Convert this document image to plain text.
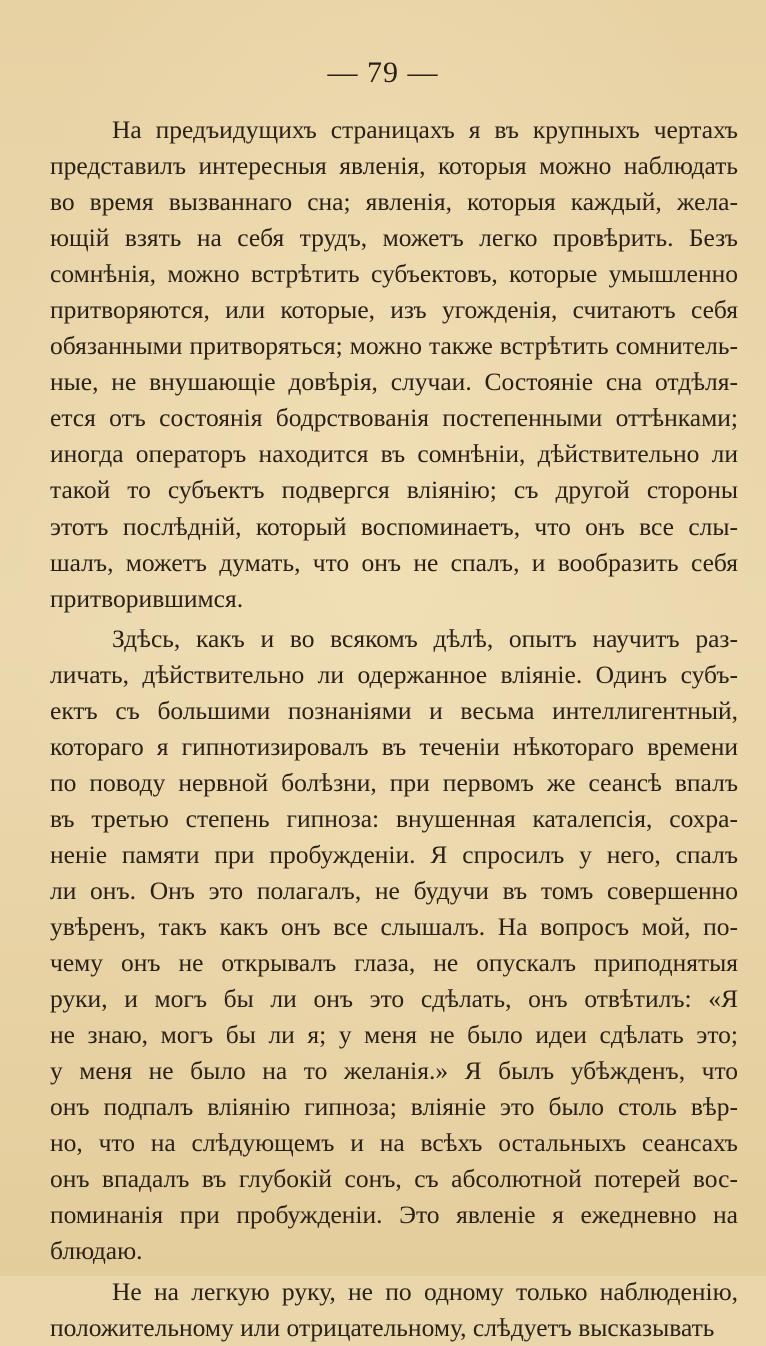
— 79 —
На предъидущихъ страницахъ я въ крупныхъ чертахъ
представилъ интересныя явленія, которыя можно наблюдать
во время вызваннаго сна; явленія, которыя каждый, жела-
ющій взять на себя трудъ, можетъ легко провѣрить. Безъ
сомнѣнія, можно встрѣтить субъектовъ, которые умышленно
притворяются, или которые, изъ угожденія, считаютъ себя
обязанными притворяться; можно также встрѣтить сомнитель-
ные, не внушающіе довѣрія, случаи. Состояніе сна отдѣля-
ется отъ состоянія бодрствованія постепенными оттѣнками;
иногда операторъ находится въ сомнѣніи, дѣйствительно ли
такой то субъектъ подвергся вліянію; съ другой стороны
этотъ послѣдній, который воспоминаетъ, что онъ все слы-
шалъ, можетъ думать, что онъ не спалъ, и вообразить себя
притворившимся.
Здѣсь, какъ и во всякомъ дѣлѣ, опытъ научитъ раз-
личать, дѣйствительно ли одержанное вліяніе. Одинъ субъ-
ектъ съ большими познаніями и весьма интеллигентный,
котораго я гипнотизировалъ въ теченіи нѣкотораго времени
по поводу нервной болѣзни, при первомъ же сеансѣ впалъ
въ третью степень гипноза: внушенная каталепсія, сохра-
неніе памяти при пробужденіи. Я спросилъ у него, спалъ
ли онъ. Онъ это полагалъ, не будучи въ томъ совершенно
увѣренъ, такъ какъ онъ все слышалъ. На вопросъ мой, по-
чему онъ не открывалъ глаза, не опускалъ приподнятыя
руки, и могъ бы ли онъ это сдѣлать, онъ отвѣтилъ: «Я
не знаю, могъ бы ли я; у меня не было идеи сдѣлать это;
у меня не было на то желанія.» Я былъ убѣжденъ, что
онъ подпалъ вліянію гипноза; вліяніе это было столь вѣр-
но, что на слѣдующемъ и на всѣхъ остальныхъ сеансахъ
онъ впадалъ въ глубокій сонъ, съ абсолютной потерей вос-
поминанія при пробужденіи. Это явленіе я ежедневно на
блюдаю.
Не на легкую руку, не по одному только наблюденію,
положительному или отрицательному, слѣдуетъ высказывать
